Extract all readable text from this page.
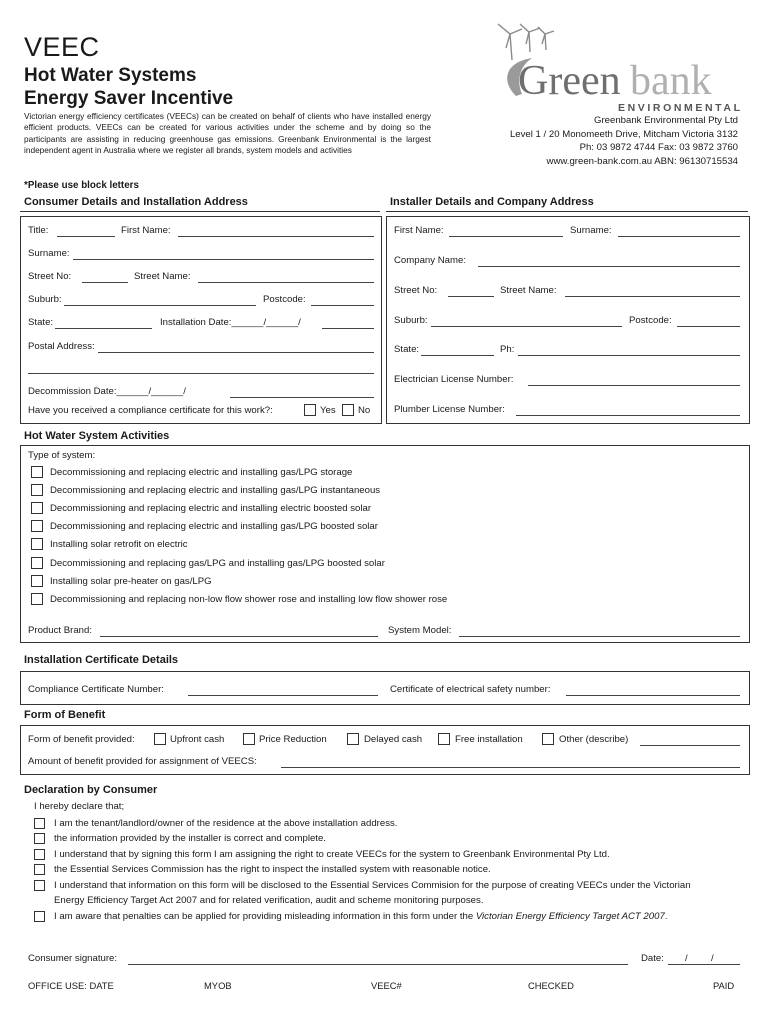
VEEC
Hot Water Systems
Energy Saver Incentive
Victorian energy efficiency certificates (VEECs) can be created on behalf of clients who have installed energy efficient products. VEECs can be created for various activities under the scheme and by doing so the participants are assisting in reducing greenhouse gas emissions. Greenbank Environmental is the largest independent agent in Australia where we register all brands, system models and activities
Green bank
ENVIRONMENTAL
Greenbank Environmental Pty Ltd
Level 1 / 20 Monomeeth Drive, Mitcham Victoria 3132
Ph: 03 9872 4744 Fax: 03 9872 3760
www.green-bank.com.au ABN: 96130715534
*Please use block letters
Consumer Details and Installation Address
Title:	First Name:
Surname:
Street No:	Street Name:
Suburb:	Postcode:
State:	Installation Date:______/______/
Postal Address:
Decommission Date:______/______/
Have you received a compliance certificate for this work?:	Yes No
Installer Details and Company Address
First Name:	Surname:
Company Name:
Street No:	Street Name:
Suburb:	Postcode:
State:	Ph:
Electrician License Number:
Plumber License Number:
Hot Water System Activities
Type of system:
Decommissioning and replacing electric and installing gas/LPG storage
Decommissioning and replacing electric and installing gas/LPG instantaneous
Decommissioning and replacing electric and installing electric boosted solar
Decommissioning and replacing electric and installing gas/LPG boosted solar
Installing solar retrofit on electric
Decommissioning and replacing gas/LPG and installing gas/LPG boosted solar
Installing solar pre-heater on gas/LPG
Decommissioning and replacing non-low flow shower rose and installing low flow shower rose
Product Brand:	System Model:
Installation Certificate Details
Compliance Certificate Number:	Certificate of electrical safety number:
Form of Benefit
Form of benefit provided:	Upfront cash	Price Reduction	Delayed cash	Free installation	Other (describe)
Amount of benefit provided for assignment of VEECS:
Declaration by Consumer
I hereby declare that;
I am the tenant/landlord/owner of the residence at the above installation address.
the information provided by the installer is correct and complete.
I understand that by signing this form I am assigning the right to create VEECs for the system to Greenbank Environmental Pty Ltd.
the Essential Services Commission has the right to inspect the installed system with reasonable notice.
I understand that information on this form will be disclosed to the Essential Services Commision for the purpose of creating VEECs under the Victorian
Energy Efficiency Target Act 2007 and for related verification, audit and scheme monitoring purposes.
I am aware that penalties can be applied for providing misleading information in this form under the Victorian Energy Efficiency Target ACT 2007.
Consumer signature:	Date: / /
OFFICE USE: DATE	MYOB	VEEC#	CHECKED	PAID
